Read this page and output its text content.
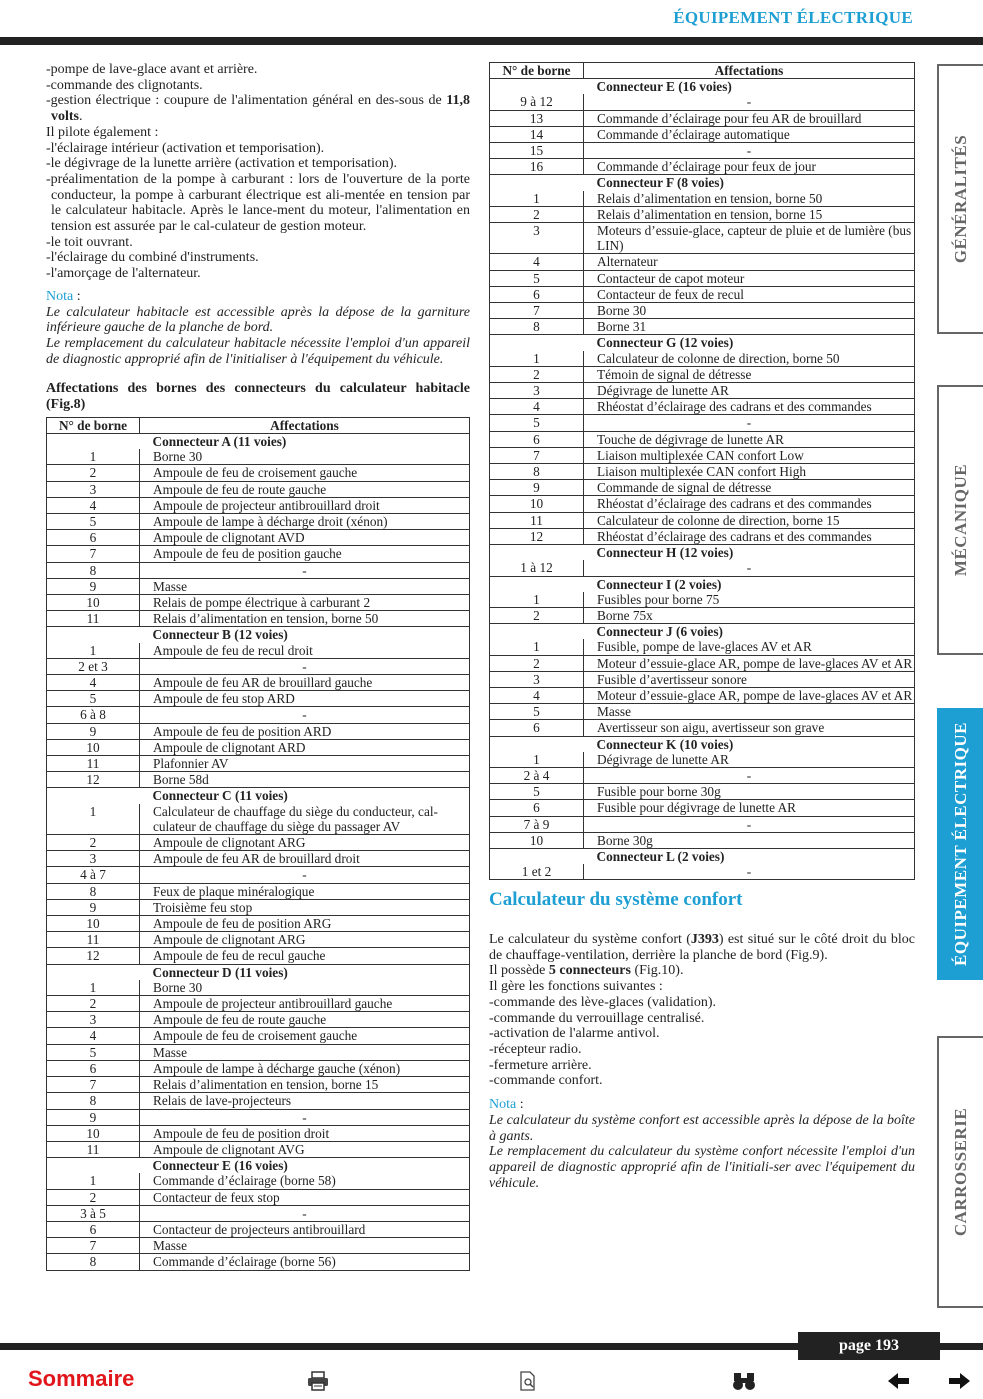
ÉQUIPEMENT ÉLECTRIQUE

-pompe de lave-glace avant et arrière.

-commande des clignotants.

-gestion électrique : coupure de l'alimentation général en des-sous de 11,8 volts.

Il pilote également :

-l'éclairage intérieur (activation et temporisation).

-le dégivrage de la lunette arrière (activation et temporisation).

-préalimentation de la pompe à carburant : lors de l'ouverture de la porte conducteur, la pompe à carburant électrique est ali-mentée en tension par le calculateur habitacle. Après le lance-ment du moteur, l'alimentation en tension est assurée par le cal-culateur de gestion moteur.

-le toit ouvrant.

-l'éclairage du combiné d'instruments.

-l'amorçage de l'alternateur.

Nota :

Le calculateur habitacle est accessible après la dépose de la garniture inférieure gauche de la planche de bord.

Le remplacement du calculateur habitacle nécessite l'emploi d'un appareil de diagnostic approprié afin de l'initialiser à l'équipement du véhicule.

Affectations des bornes des connecteurs du calculateur habitacle (Fig.8)
N° de borne	Affectations
	Connecteur A (11 voies)
1	Borne 30
2	Ampoule de feu de croisement gauche
3	Ampoule de feu de route gauche
4	Ampoule de projecteur antibrouillard droit
5	Ampoule de lampe à décharge droit (xénon)
6	Ampoule de clignotant AVD
7	Ampoule de feu de position gauche
8	-
9	Masse
10	Relais de pompe électrique à carburant 2
11	Relais d’alimentation en tension, borne 50
	Connecteur B (12 voies)
1	Ampoule de feu de recul droit
2 et 3	-
4	Ampoule de feu AR de brouillard gauche
5	Ampoule de feu stop ARD
6 à 8	-
9	Ampoule de feu de position ARD
10	Ampoule de clignotant ARD
11	Plafonnier AV
12	Borne 58d
	Connecteur C (11 voies)
1	Calculateur de chauffage du siège du conducteur, cal-culateur de chauffage du siège du passager AV
2	Ampoule de clignotant ARG
3	Ampoule de feu AR de brouillard droit
4 à 7	-
8	Feux de plaque minéralogique
9	Troisième feu stop
10	Ampoule de feu de position ARG
11	Ampoule de clignotant ARG
12	Ampoule de feu de recul gauche
	Connecteur D (11 voies)
1	Borne 30
2	Ampoule de projecteur antibrouillard gauche
3	Ampoule de feu de route gauche
4	Ampoule de feu de croisement gauche
5	Masse
6	Ampoule de lampe à décharge gauche (xénon)
7	Relais d’alimentation en tension, borne 15
8	Relais de lave-projecteurs
9	-
10	Ampoule de feu de position droit
11	Ampoule de clignotant AVG
	Connecteur E (16 voies)
1	Commande d’éclairage (borne 58)
2	Contacteur de feux stop
3 à 5	-
6	Contacteur de projecteurs antibrouillard
7	Masse
8	Commande d’éclairage (borne 56)
N° de borne	Affectations
	Connecteur E (16 voies)
9 à 12	-
13	Commande d’éclairage pour feu AR de brouillard
14	Commande d’éclairage automatique
15	-
16	Commande d’éclairage pour feux de jour
	Connecteur F (8 voies)
1	Relais d’alimentation en tension, borne 50
2	Relais d’alimentation en tension, borne 15
3	Moteurs d’essuie-glace, capteur de pluie et de lumière (bus LIN)
4	Alternateur
5	Contacteur de capot moteur
6	Contacteur de feux de recul
7	Borne 30
8	Borne 31
	Connecteur G (12 voies)
1	Calculateur de colonne de direction, borne 50
2	Témoin de signal de détresse
3	Dégivrage de lunette AR
4	Rhéostat d’éclairage des cadrans et des commandes
5	-
6	Touche de dégivrage de lunette AR
7	Liaison multiplexée CAN confort Low
8	Liaison multiplexée CAN confort High
9	Commande de signal de détresse
10	Rhéostat d’éclairage des cadrans et des commandes
11	Calculateur de colonne de direction, borne 15
12	Rhéostat d’éclairage des cadrans et des commandes
	Connecteur H (12 voies)
1 à 12	-
	Connecteur I (2 voies)
1	Fusibles pour borne 75
2	Borne 75x
	Connecteur J (6 voies)
1	Fusible, pompe de lave-glaces AV et AR
2	Moteur d’essuie-glace AR, pompe de lave-glaces AV et AR
3	Fusible d’avertisseur sonore
4	Moteur d’essuie-glace AR, pompe de lave-glaces AV et AR
5	Masse
6	Avertisseur son aigu, avertisseur son grave
	Connecteur K (10 voies)
1	Dégivrage de lunette AR
2 à 4	-
5	Fusible pour borne 30g
6	Fusible pour dégivrage de lunette AR
7 à 9	-
10	Borne 30g
	Connecteur L (2 voies)
1 et 2	-
Calculateur du système confort

Le calculateur du système confort (J393) est situé sur le côté droit du bloc de chauffage-ventilation, derrière la planche de bord (Fig.9).

Il possède 5 connecteurs (Fig.10).

Il gère les fonctions suivantes :

-commande des lève-glaces (validation).

-commande du verrouillage centralisé.

-activation de l'alarme antivol.

-récepteur radio.

-fermeture arrière.

-commande confort.

Nota :

Le calculateur du système confort est accessible après la dépose de la boîte à gants.

Le remplacement du calculateur du système confort nécessite l'emploi d'un appareil de diagnostic approprié afin de l'initiali-ser avec l'équipement du véhicule.

GÉNÉRALITÉS
MÉCANIQUE
ÉQUIPEMENT ÉLECTRIQUE
CARROSSERIE
page 193
Sommaire
